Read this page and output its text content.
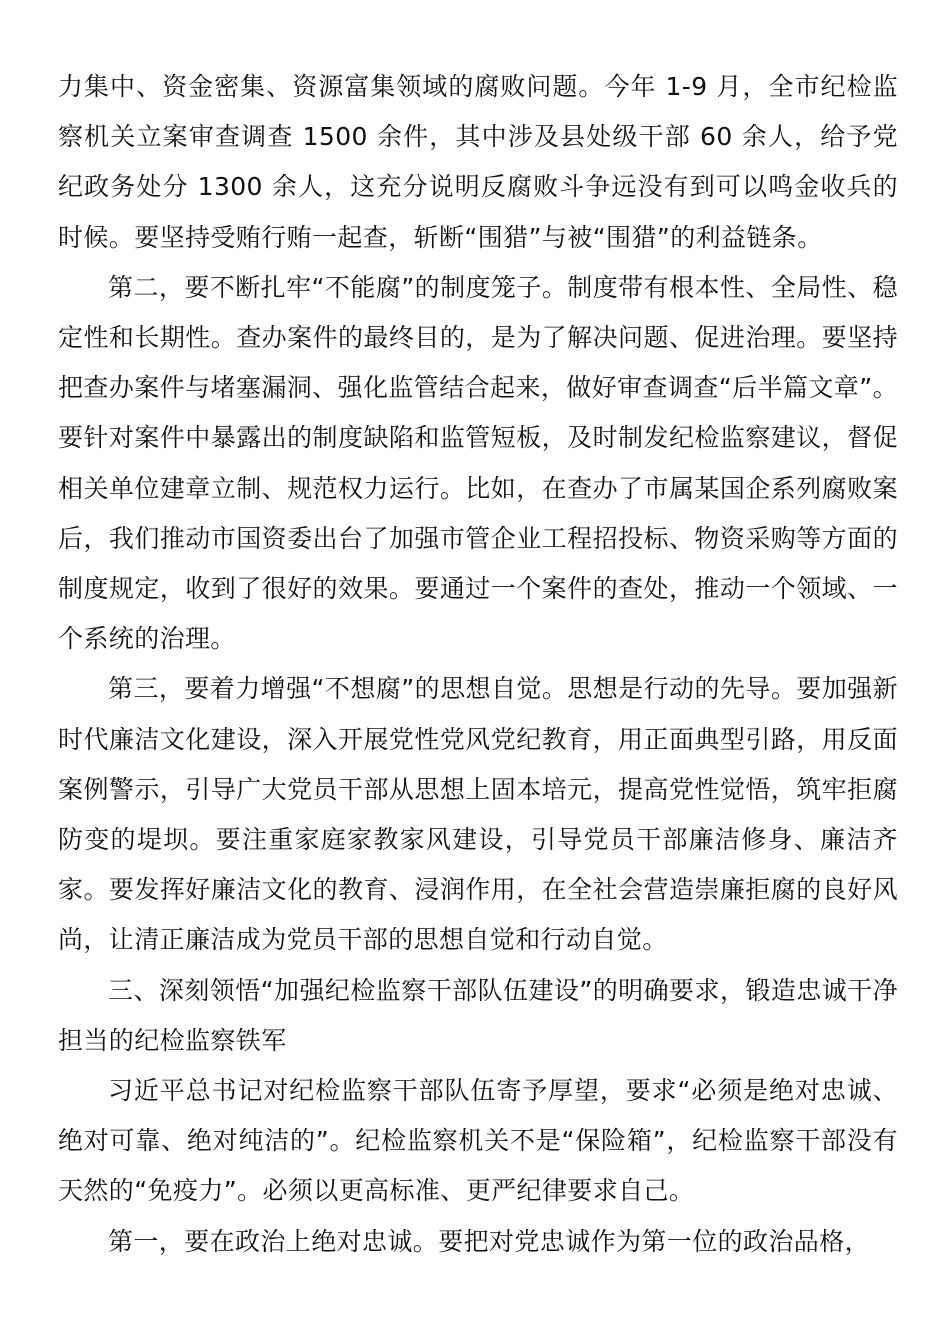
力集中、资金密集、资源富集领域的腐败问题。今年 1-9 月，全市纪检监察机关立案审查调查 1500 余件，其中涉及县处级干部 60 余人，给予党纪政务处分 1300 余人，这充分说明反腐败斗争远没有到可以鸣金收兵的时候。要坚持受贿行贿一起查，斩断“围猎”与被“围猎”的利益链条。

第二，要不断扎牢“不能腐”的制度笼子。制度带有根本性、全局性、稳定性和长期性。查办案件的最终目的，是为了解决问题、促进治理。要坚持把查办案件与堵塞漏洞、强化监管结合起来，做好审查调查“后半篇文章”。要针对案件中暴露出的制度缺陷和监管短板，及时制发纪检监察建议，督促相关单位建章立制、规范权力运行。比如，在查办了市属某国企系列腐败案后，我们推动市国资委出台了加强市管企业工程招投标、物资采购等方面的制度规定，收到了很好的效果。要通过一个案件的查处，推动一个领域、一个系统的治理。

第三，要着力增强“不想腐”的思想自觉。思想是行动的先导。要加强新时代廉洁文化建设，深入开展党性党风党纪教育，用正面典型引路，用反面案例警示，引导广大党员干部从思想上固本培元，提高党性觉悟，筑牢拒腐防变的堤坝。要注重家庭家教家风建设，引导党员干部廉洁修身、廉洁齐家。要发挥好廉洁文化的教育、浸润作用，在全社会营造崇廉拒腐的良好风尚，让清正廉洁成为党员干部的思想自觉和行动自觉。

三、深刻领悟“加强纪检监察干部队伍建设”的明确要求，锻造忠诚干净担当的纪检监察铁军

习近平总书记对纪检监察干部队伍寄予厚望，要求“必须是绝对忠诚、绝对可靠、绝对纯洁的”。纪检监察机关不是“保险箱”，纪检监察干部没有天然的“免疫力”。必须以更高标准、更严纪律要求自己。

第一，要在政治上绝对忠诚。要把对党忠诚作为第一位的政治品格，
